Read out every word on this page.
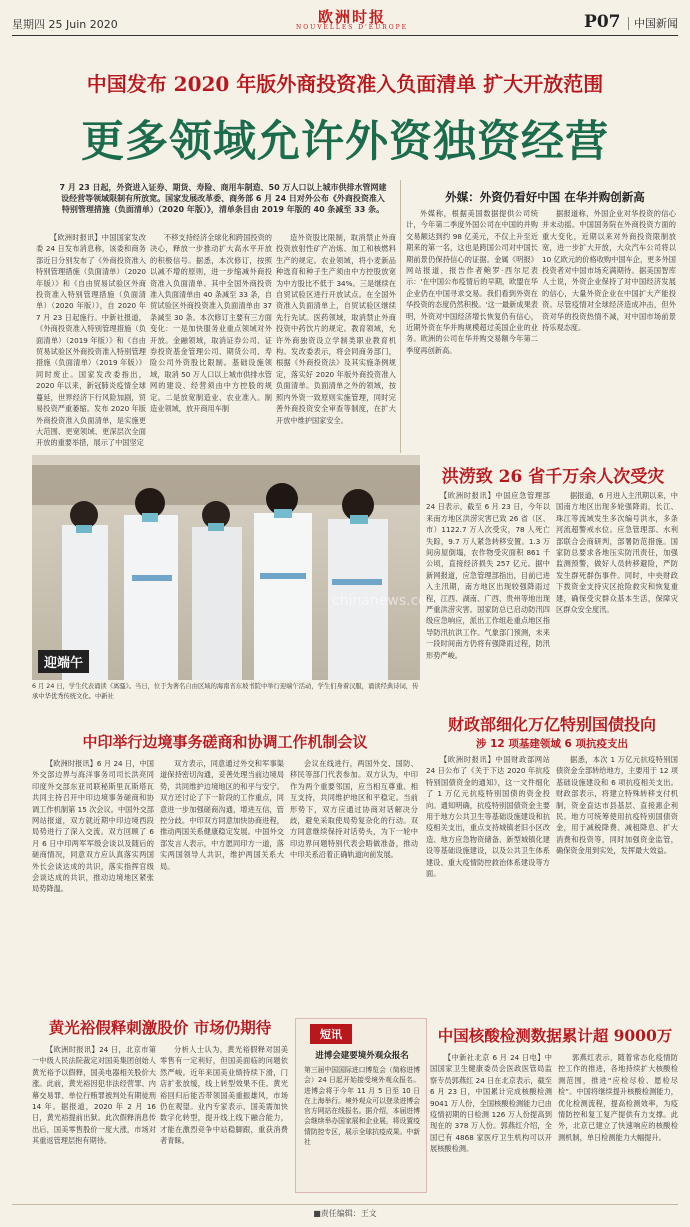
星期四 25 Juin 2020	欧洲时报
NOUVELLES D'EUROPE	P07 中国新闻
中国发布 2020 年版外商投资准入负面清单 扩大开放范围
更多领域允许外资独资经营
7 月 23 日起，外资进入证券、期货、寿险、商用车制造、50 万人口以上城市供排水管网建设经营等领域限制有所放宽。国家发展改革委、商务部 6 月 24 日对外公布《外商投资准入特别管理措施（负面清单）（2020 年版）》，清单条目由 2019 年版的 40 条减至 33 条。

【欧洲时报讯】中国国家发改委 24 日发布消息称，该委和商务部近日分别发布了《外商投资准入特别管理措施（负面清单）（2020 年版）》和《自由贸易试验区外商投资准入特别管理措施（负面清单）（2020 年版）》，自 2020 年 7 月 23 日起施行。中新社报道，《外商投资准入特别管理措施（负面清单）（2019 年版）》和《自由贸易试验区外商投资准入特别管理措施（负面清单）（2019 年版）》同时废止。国家发改委指出，2020 年以来，新冠肺炎疫情全球蔓延，世界经济下行风险加剧，贸易投资严重萎缩。发布 2020 年版外商投资准入负面清单，是实施更大范围、更宽领域、更深层次全面开放的重要举措，展示了中国坚定

不移支持经济全球化和跨国投资的决心，释放一步推动扩大高水平开放的积极信号。据悉，本次修订，按照以减不增的原则，进一步缩减外商投资准入负面清单。其中全国外商投资准入负面清单由 40 条减至 33 条，自贸试验区外商投资准入负面清单由 37 条减至 30 条。本次修订主要有三方面变化：一是加快服务业重点领域对外开放。金融领域，取消证券公司、证券投资基金管理公司、期货公司、寿险公司外资股比限制。基础设施领域，取消 50 万人口以上城市供排水管网的建设、经营须由中方控股的规定。二是放宽制造业、农业准入。制造业领域，放开商用车制

造外资股比限制，取消禁止外商投资放射性矿产冶炼、加工和核燃料生产的规定。农业领域，将小麦新品种选育和种子生产须由中方控股放宽为中方股比不低于 34%。三是继续在自贸试验区进行开放试点。在全国外资准入负面清单上，自贸试验区继续先行先试。医药领域，取消禁止外商投资中药饮片的规定。教育领域，允许外商独资设立学制类职业教育机构。发改委表示，将会同商务部门，根据《外商投资法》及其实施条例规定，落实好 2020 年版外商投资准入负面清单。负面清单之外的领域，按照内外资一致原则实施管理，同时完善外商投资安全审查等制度，在扩大开放中维护国家安全。

外媒：外资仍看好中国 在华并购创新高

外媒称，根据美国数据提供公司统计，今年第二季度外国公司在中国的并购交易额达到约 98 亿美元，不仅上升至近期来的第一名，这也是跨国公司对中国长期前景仍保持信心的证据。金属《明报》网站报道，报告作者鲍罗·西尔尼表示：'在中国公布疫情后的早期，欧盟在华企业仍在中国寻求交易。我们看到外资在华投资的态度仍然积极。'这一最新成果表明，外资对中国经济增长恢复仍有信心，近期外资在华并购规模超过美国企业的业务。欧洲的公司在华并购交易额今年第二季度再创新高。

据报道称，外国企业对华投资的信心并未动摇。中国国务院在外商投资方面的重大变化，近期以来对外商投资限制放宽，进一步扩大开放，大众汽车公司将以 10 亿欧元的价格收购中国车企，更多外国投资者对中国市场充满期待。据美国智库人士说，外资企业保持了对中国经济发展的信心，大量外资企业在中国扩大产能投资。尽管疫情对全球经济造成冲击，但外资对华的投资热情不减，对中国市场前景持乐观态度。

chinanews.com
迎端午
6 月 24 日，学生代表诵读《离骚》。当日，位于为著名自由区域的海南省东坡书院中举行迎端午活动，学生们身着汉服，诵读经典诗词，传承中华优秀传统文化。中新社
洪涝致 26 省千万余人次受灾

【欧洲时报讯】中国应急管理部 24 日表示，截至 6 月 23 日，今年以来南方地区洪涝灾害已致 26 省（区、市）1122.7 万人次受灾，78 人死亡失踪，9.7 万人紧急转移安置。1.3 万间房屋倒塌，农作物受灾面积 861 千公顷，直接经济损失 257 亿元。据中新网报道，应急管理部指出，目前已进入主汛期，南方地区出现较强降雨过程，江西、湖南、广西、贵州等地出现严重洪涝灾害。国家防总已启动防汛四级应急响应，派出工作组赴重点地区指导防汛抗洪工作。气象部门预测，未来一段时间南方仍将有强降雨过程，防汛形势严峻。

据报道，6 月进入主汛期以来，中国南方地区出现多轮强降雨，长江、珠江等流域发生多次编号洪水，多条河流超警戒水位。应急管理部、水利部联合会商研判，部署防范措施。国家防总要求各地压实防汛责任，加强监测预警，做好人员转移避险，严防发生群死群伤事件。同时，中央财政下拨资金支持灾区抢险救灾和恢复重建，确保受灾群众基本生活，保障灾区群众安全度汛。

中印举行边境事务磋商和协调工作机制会议

【欧洲时报讯】6 月 24 日，中国外交部边界与海洋事务司司长洪亮同印度外交部东亚司联秘斯里瓦斯塔瓦共同主持召开中印边境事务磋商和协调工作机制第 15 次会议。中国外交部网站报道，双方就近期中印边境西段局势进行了深入交流。双方回顾了 6 月 6 日中印两军军级会谈以及随后的磋商情况，同意双方应认真落实两国外长会谈达成的共识，落实指挥官级会谈达成的共识，推动边境地区紧张局势降温。

双方表示，同意通过外交和军事渠道保持密切沟通，妥善处理当前边境局势，共同维护边境地区的和平与安宁。双方还讨论了下一阶段的工作重点，同意进一步加强磋商沟通，增进互信，管控分歧。中印双方同意加快协商进程，推动两国关系健康稳定发展。中国外交部发言人表示，中方愿同印方一道，落实两国领导人共识，维护两国关系大局。

会议在线进行，两国外交、国防、移民等部门代表参加。双方认为，中印作为两个重要邻国，应当相互尊重、相互支持，共同维护地区和平稳定。当前形势下，双方应通过协商对话解决分歧，避免采取使局势复杂化的行动。双方同意继续保持对话势头，为下一轮中印边界问题特别代表会晤做准备，推动中印关系沿着正确轨道向前发展。

财政部细化万亿特别国债投向
涉 12 项基建领域 6 项抗疫支出

【欧洲时报讯】中国财政部网站 24 日公布了《关于下达 2020 年抗疫特别国债资金的通知》，这一文件细化了 1 万亿元抗疫特别国债的资金投向。通知明确，抗疫特别国债资金主要用于地方公共卫生等基础设施建设和抗疫相关支出，重点支持城镇老旧小区改造、地方应急物资储备、新型城镇化建设等基础设施建设，以及公共卫生体系建设、重大疫情防控救治体系建设等方面。

据悉，本次 1 万亿元抗疫特别国债资金全部转给地方，主要用于 12 项基础设施建设和 6 项抗疫相关支出。财政部表示，将建立特殊转移支付机制，资金直达市县基层、直接惠企利民。地方可统筹使用抗疫特别国债资金，用于减税降费、减租降息、扩大消费和投资等，同时加强资金监管，确保资金用到实处，发挥最大效益。

黄光裕假释刺激股价 市场仍期待

【欧洲时报讯】24 日，北京市第一中级人民法院裁定对国美集团创始人黄光裕予以假释，国美电器相关股价大涨。此前，黄光裕因犯非法经营罪、内幕交易罪、单位行贿罪被判处有期徒刑 14 年。据报道，2020 年 2 月 16 日，黄光裕提前出狱。此次假释消息传出后，国美零售股价一度大涨，市场对其重返管理层抱有期待。

分析人士认为，黄光裕假释对国美零售有一定利好，但国美面临的问题依然严峻。近年来国美业绩持续下滑，门店扩张放缓，线上转型效果不佳。黄光裕回归后能否带领国美重振雄风，市场仍在观望。业内专家表示，国美需加快数字化转型，提升线上线下融合能力，才能在激烈竞争中站稳脚跟，重获消费者青睐。

短讯
进博会建要境外观众报名
第三届中国国际进口博览会（简称进博会）24 日起开始接受境外观众报名。进博会将于今年 11 月 5 日至 10 日在上海举行。境外观众可以登录进博会官方网站在线报名。据介绍，本届进博会继续举办国家展和企业展，将设置疫情防控专区，展示全球抗疫成果。中新社
中国核酸检测数据累计超 9000万

【中新社北京 6 月 24 日电】中国国家卫生健康委员会医政医管局监察专员郭燕红 24 日在北京表示，截至 6 月 23 日，中国累计完成核酸检测 9041 万人份，全国核酸检测能力已由疫情初期的日检测 126 万人份提高到现在的 378 万人份。郭燕红介绍，全国已有 4868 家医疗卫生机构可以开展核酸检测。

郭燕红表示，随着常态化疫情防控工作的推进，各地持续扩大核酸检测范围，推进“应检尽检、愿检尽检”。中国将继续提升核酸检测能力，优化检测流程，提高检测效率，为疫情防控和复工复产提供有力支撑。此外，北京已建立了快速响应的核酸检测机制，单日检测能力大幅提升。

■责任编辑：王文
